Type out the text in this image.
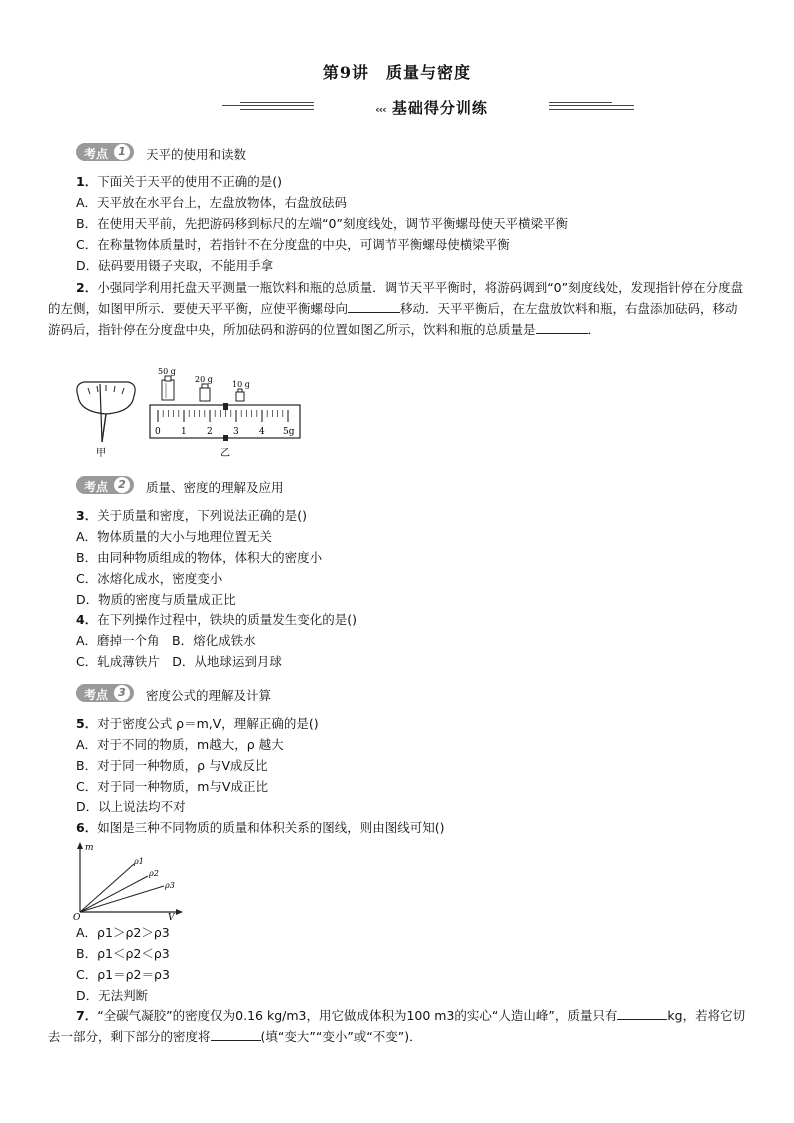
第9讲　质量与密度
‹‹‹ 基础得分训练
考点 1	天平的使用和读数
1．下面关于天平的使用不正确的是()
A．天平放在水平台上，左盘放物体，右盘放砝码
B．在使用天平前，先把游码移到标尺的左端“0”刻度线处，调节平衡螺母使天平横梁平衡
C．在称量物体质量时，若指针不在分度盘的中央，可调节平衡螺母使横梁平衡
D．砝码要用镊子夹取，不能用手拿
2．小强同学利用托盘天平测量一瓶饮料和瓶的总质量．调节天平平衡时，将游码调到“0”刻度线处，发现指针停在分度盘的左侧，如图甲所示．要使天平平衡，应使平衡螺母向	移动．天平平衡后，在左盘放饮料和瓶，右盘添加砝码，移动游码后，指针停在分度盘中央，所加砝码和游码的位置如图乙所示，饮料和瓶的总质量是	．
甲
50 g
20 g
10 g
0 1 2 3 4 5g
乙
考点 2	质量、密度的理解及应用
3．关于质量和密度，下列说法正确的是()
A．物体质量的大小与地理位置无关
B．由同种物质组成的物体，体积大的密度小
C．冰熔化成水，密度变小
D．物质的密度与质量成正比
4．在下列操作过程中，铁块的质量发生变化的是()
A．磨掉一个角　B．熔化成铁水
C．轧成薄铁片　D．从地球运到月球
考点 3	密度公式的理解及计算
5．对于密度公式 ρ＝m,V，理解正确的是()
A．对于不同的物质，m越大，ρ 越大
B．对于同一种物质，ρ 与V成反比
C．对于同一种物质，m与V成正比
D．以上说法均不对
6．如图是三种不同物质的质量和体积关系的图线，则由图线可知()
m
V
O
ρ1
ρ2
ρ3
A．ρ1＞ρ2＞ρ3
B．ρ1＜ρ2＜ρ3
C．ρ1＝ρ2＝ρ3
D．无法判断
7．“全碳气凝胶”的密度仅为0.16 kg/m3，用它做成体积为100 m3的实心“人造山峰”，质量只有	kg，若将它切去一部分，剩下部分的密度将	(填“变大”“变小”或“不变”)．
